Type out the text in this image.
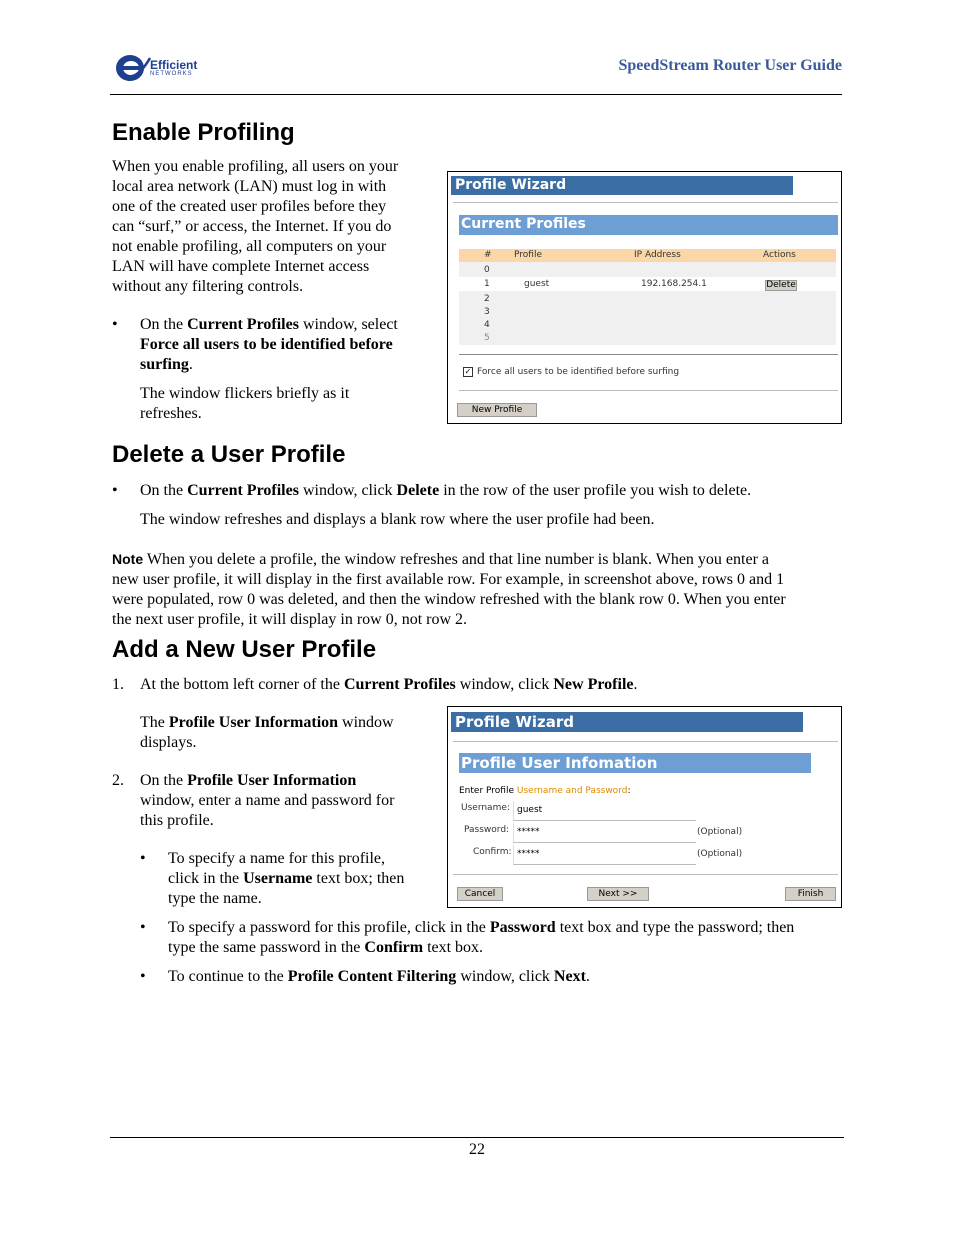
Efficient
NETWORKS	SpeedStream Router User Guide
Enable Profiling
When you enable profiling, all users on your
local area network (LAN) must log in with
one of the created user profiles before they
can “surf,” or access, the Internet. If you do
not enable profiling, all computers on your
LAN will have complete Internet access
without any filtering controls.
• On the Current Profiles window, select
Force all users to be identified before
surfing.
The window flickers briefly as it
refreshes.
Profile Wizard
Current Profiles
# Profile	IP Address	Actions
0
1	guest	192.168.254.1	Delete
2
3
4
5
✓ Force all users to be identified before surfing
New Profile
Delete a User Profile
• On the Current Profiles window, click Delete in the row of the user profile you wish to delete.
The window refreshes and displays a blank row where the user profile had been.
Note When you delete a profile, the window refreshes and that line number is blank. When you enter a
new user profile, it will display in the first available row. For example, in screenshot above, rows 0 and 1
were populated, row 0 was deleted, and then the window refreshed with the blank row 0. When you enter
the next user profile, it will display in row 0, not row 2.
Add a New User Profile
1. At the bottom left corner of the Current Profiles window, click New Profile.
The Profile User Information window
displays.
2. On the Profile User Information
window, enter a name and password for
this profile.
• To specify a name for this profile,
click in the Username text box; then
type the name.
• To specify a password for this profile, click in the Password text box and type the password; then
type the same password in the Confirm text box.
• To continue to the Profile Content Filtering window, click Next.
Profile Wizard
Profile User Infomation
Enter Profile Username and Password:
Username: guest
Password: *****	(Optional)
Confirm: *****	(Optional)
Cancel	Next >>	Finish
22
